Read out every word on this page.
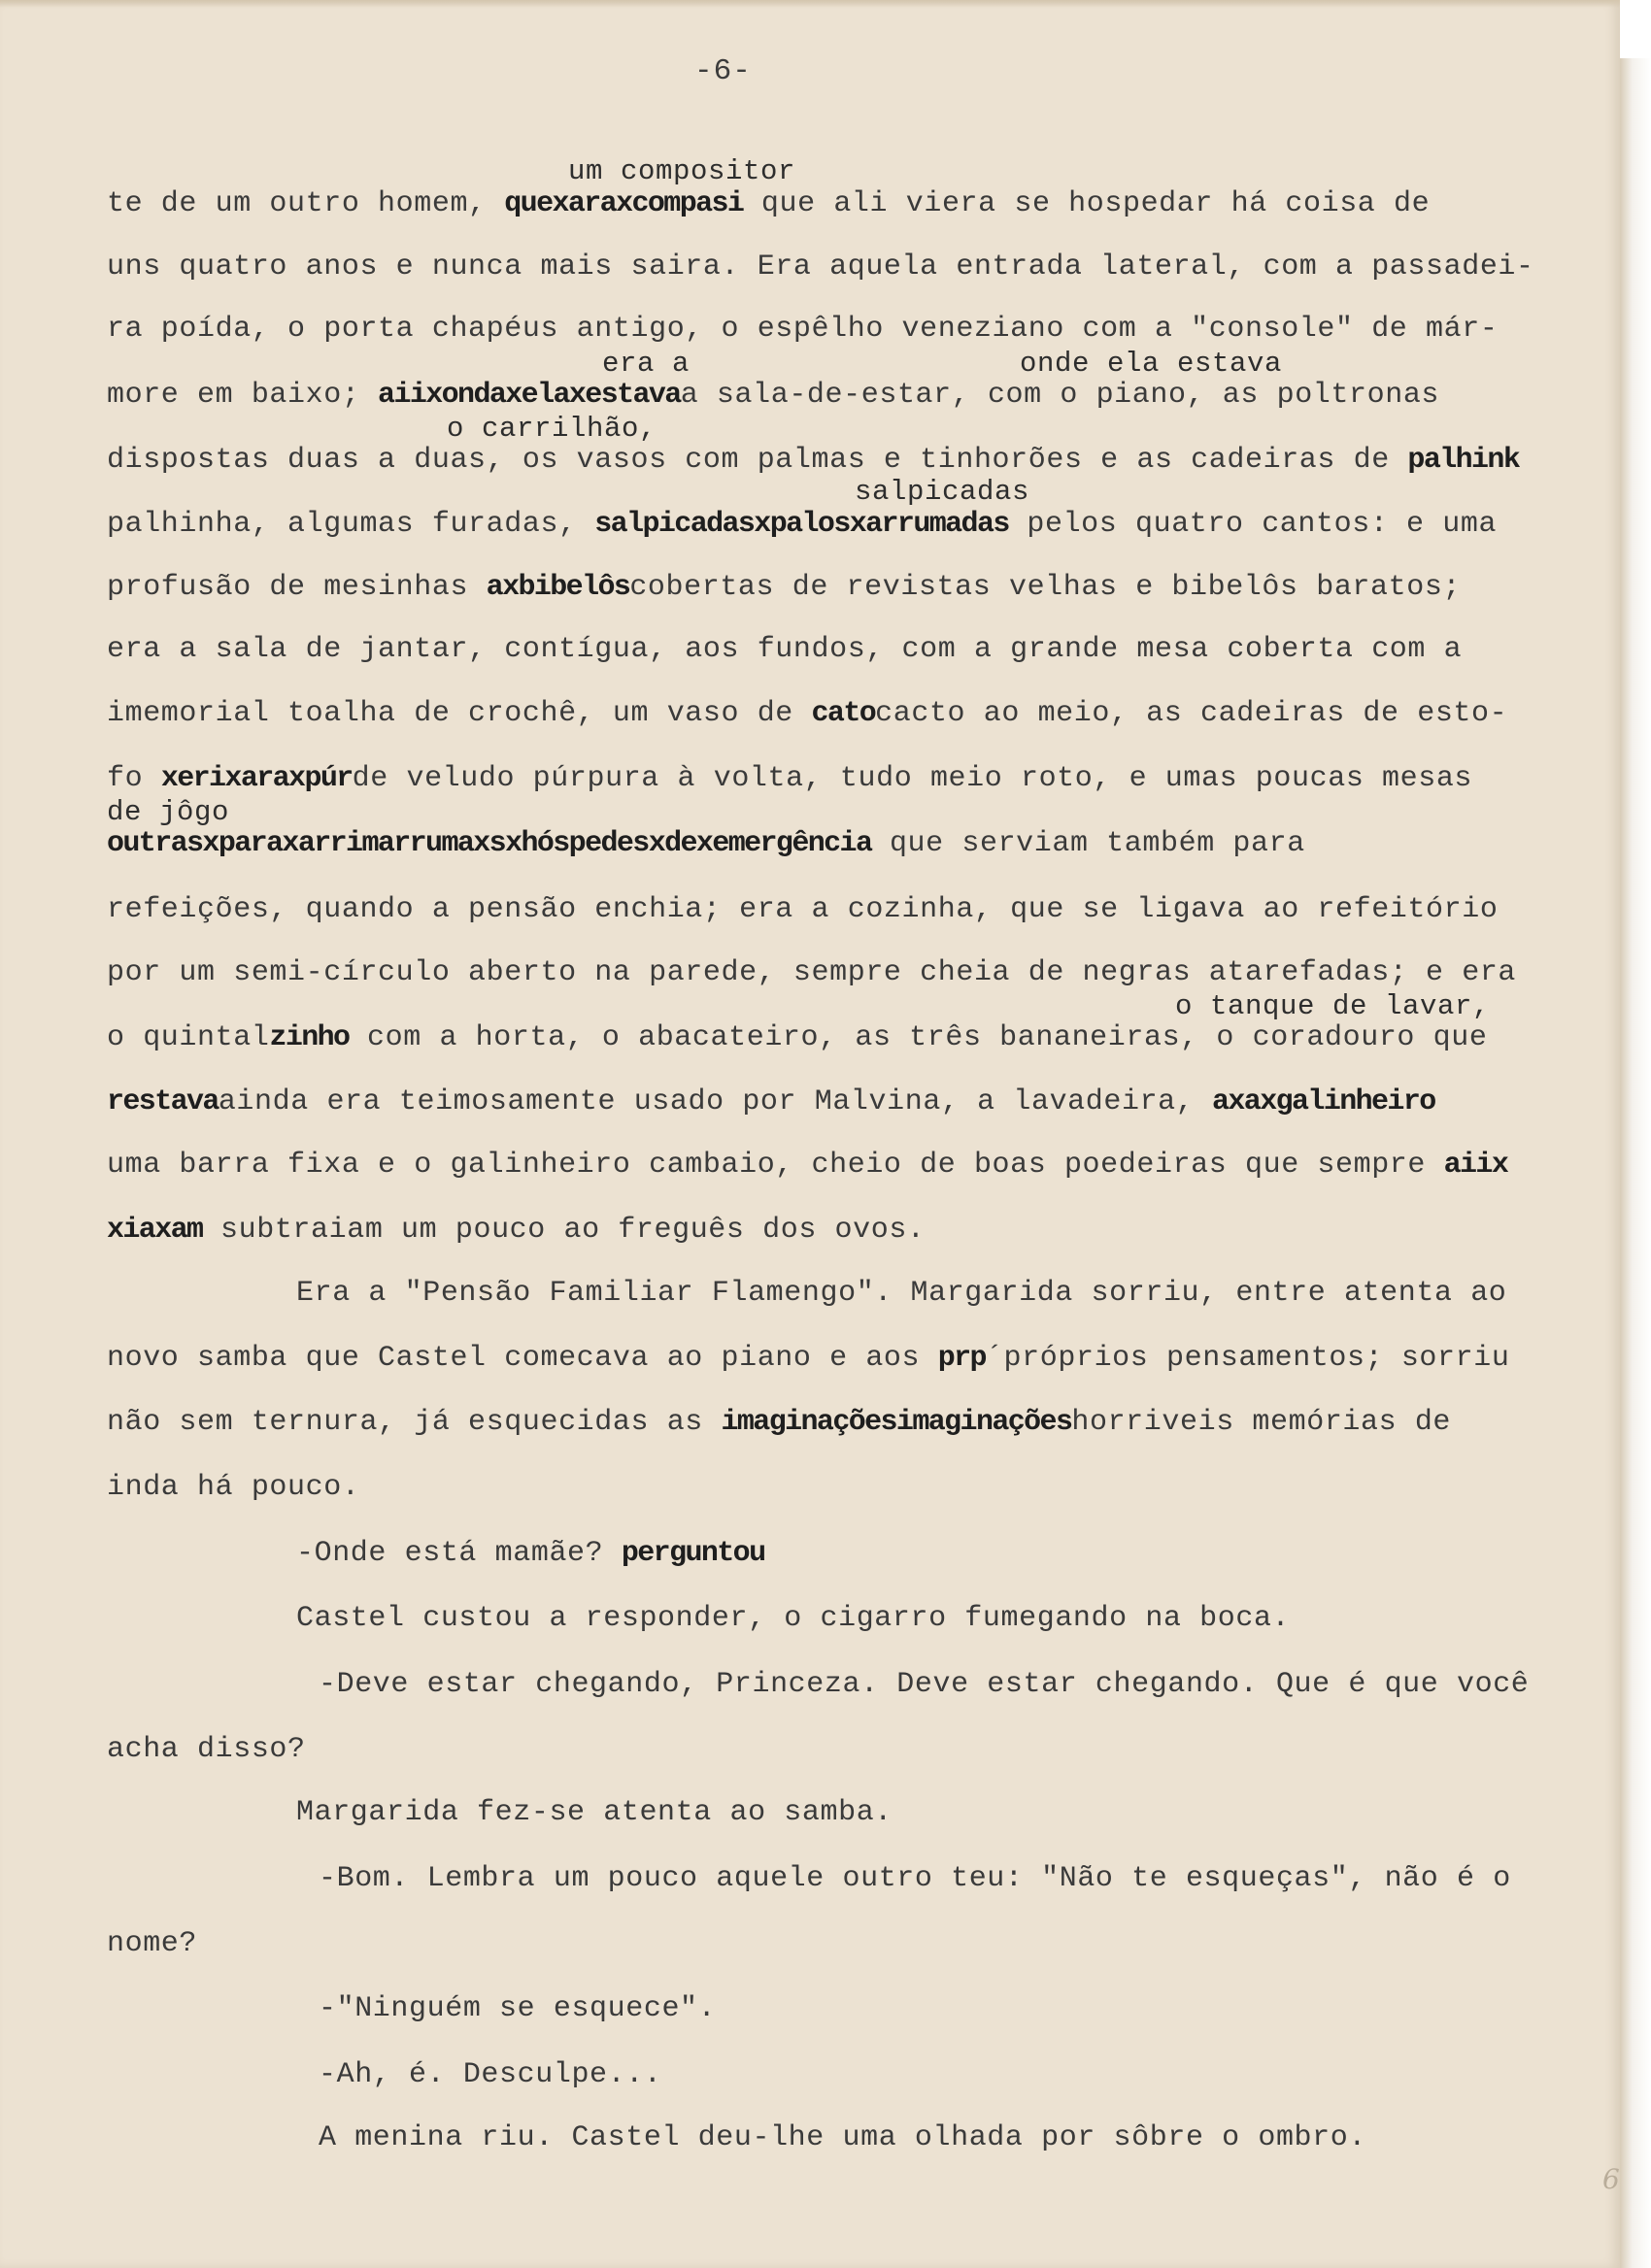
-6-
um compositor
te de um outro homem, quexaraxcompasi que ali viera se hospedar há coisa de
uns quatro anos e nunca mais saira. Era aquela entrada lateral, com a passadei-
ra poída, o porta chapéus antigo, o espêlho veneziano com a "console" de már-
era a	onde ela estava
more em baixo; aiixondaxelaxestavaa sala-de-estar, com o piano, as poltronas
o carrilhão,
dispostas duas a duas, os vasos com palmas e tinhorões e as cadeiras de palhink
salpicadas
palhinha, algumas furadas, salpicadasxpalosxarrumadas pelos quatro cantos: e uma
profusão de mesinhas axbibelôscobertas de revistas velhas e bibelôs baratos;
era a sala de jantar, contígua, aos fundos, com a grande mesa coberta com a
imemorial toalha de crochê, um vaso de catocacto ao meio, as cadeiras de esto-
fo xerixaraxpúrde veludo púrpura à volta, tudo meio roto, e umas poucas mesas
de jôgo
outrasxparaxarrimarrumaxsxhóspedesxdexemergência que serviam também para
refeições, quando a pensão enchia; era a cozinha, que se ligava ao refeitório
por um semi-círculo aberto na parede, sempre cheia de negras atarefadas; e era
o tanque de lavar,
o quintalzinho com a horta, o abacateiro, as três bananeiras, o coradouro que
restavaainda era teimosamente usado por Malvina, a lavadeira, axaxgalinheiro
uma barra fixa e o galinheiro cambaio, cheio de boas poedeiras que sempre aiix
xiaxam subtraiam um pouco ao freguês dos ovos.
Era a "Pensão Familiar Flamengo". Margarida sorriu, entre atenta ao
novo samba que Castel comecava ao piano e aos prp´próprios pensamentos; sorriu
não sem ternura, já esquecidas as imaginaçõesimaginaçõeshorriveis memórias de
inda há pouco.
-Onde está mamãe? perguntou
Castel custou a responder, o cigarro fumegando na boca.
-Deve estar chegando, Princeza. Deve estar chegando. Que é que você
acha disso?
Margarida fez-se atenta ao samba.
-Bom. Lembra um pouco aquele outro teu: "Não te esqueças", não é o
nome?
-"Ninguém se esquece".
-Ah, é. Desculpe...
A menina riu. Castel deu-lhe uma olhada por sôbre o ombro.
6
